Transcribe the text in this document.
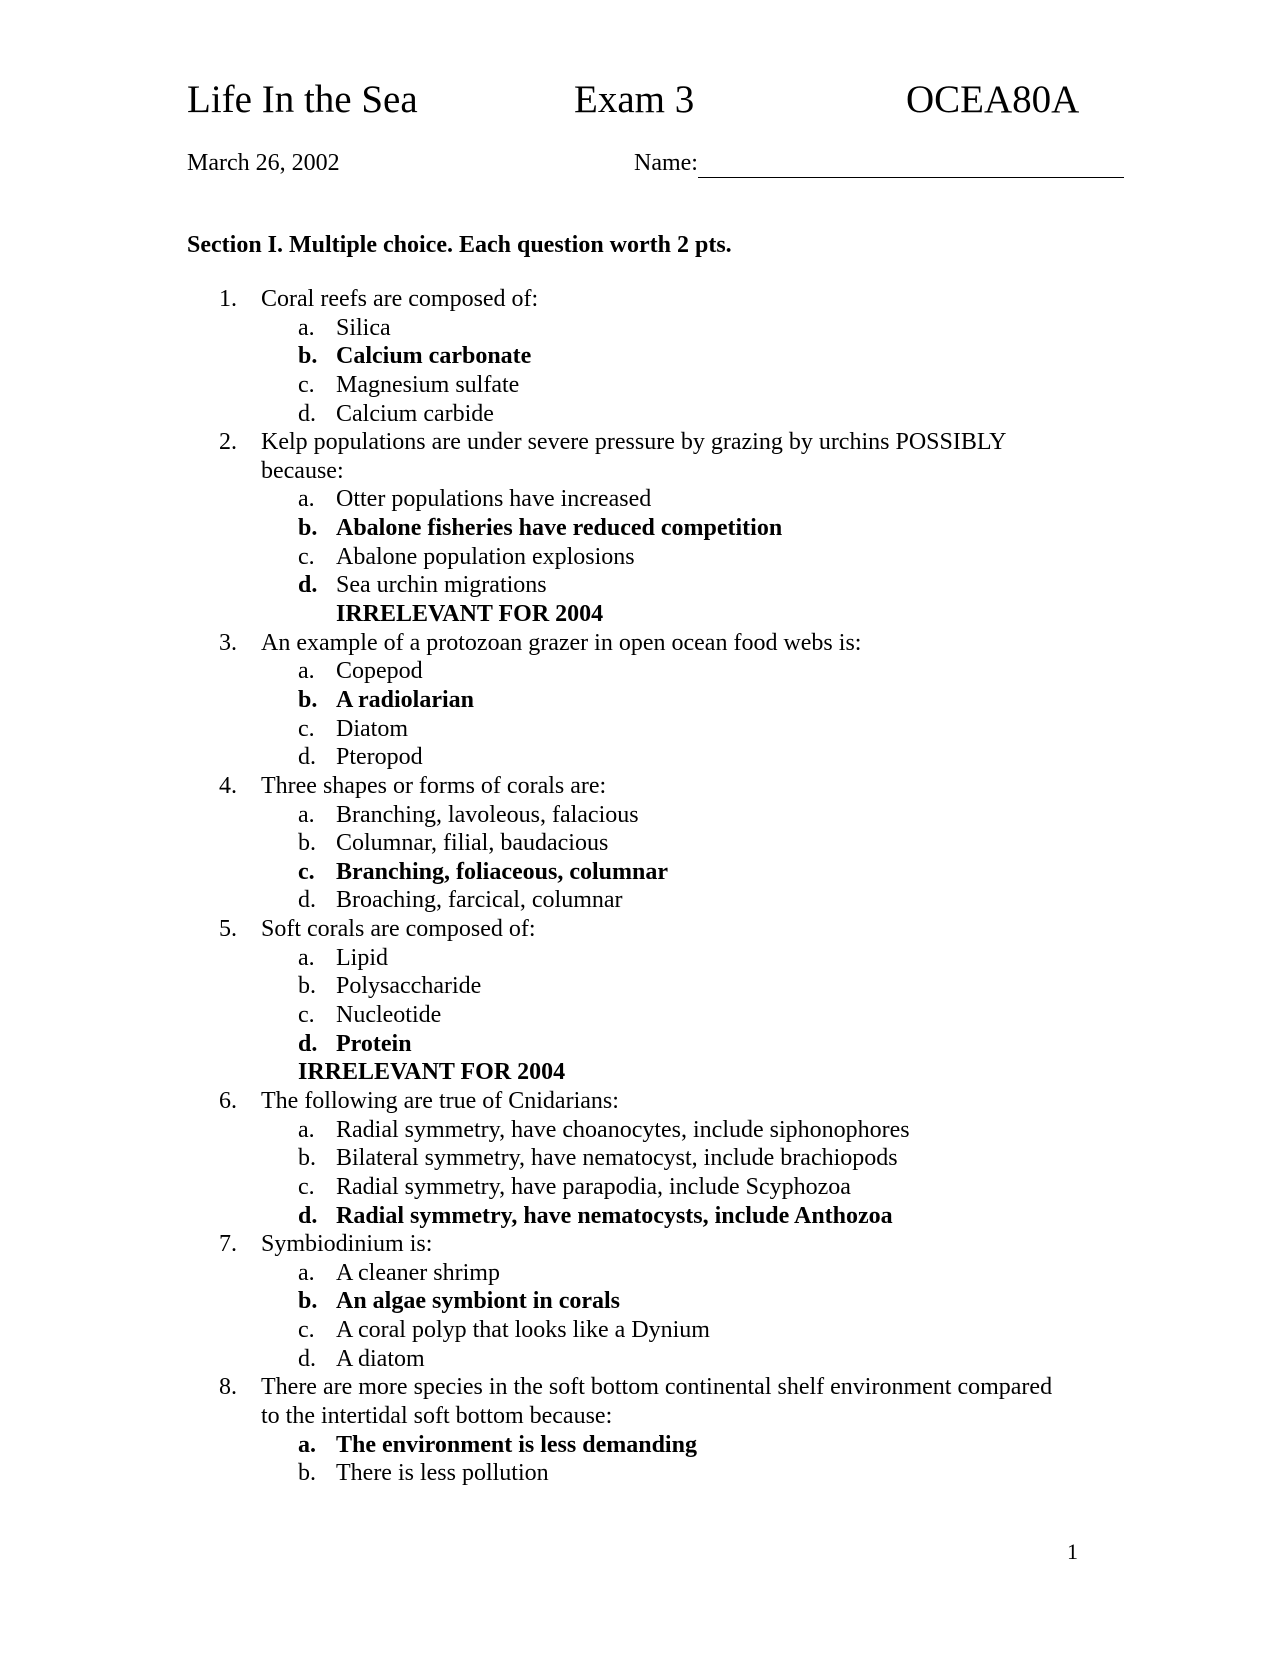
Life In the Sea	Exam 3	OCEA80A
March 26, 2002	Name:
Section I. Multiple choice. Each question worth 2 pts.
1.	Coral reefs are composed of:
a. Silica
b. Calcium carbonate
c. Magnesium sulfate
d. Calcium carbide
2.	Kelp populations are under severe pressure by grazing by urchins POSSIBLY
because:
a. Otter populations have increased
b. Abalone fisheries have reduced competition
c. Abalone population explosions
d. Sea urchin migrations
IRRELEVANT FOR 2004
3.	An example of a protozoan grazer in open ocean food webs is:
a. Copepod
b. A radiolarian
c. Diatom
d. Pteropod
4.	Three shapes or forms of corals are:
a. Branching, lavoleous, falacious
b. Columnar, filial, baudacious
c. Branching, foliaceous, columnar
d. Broaching, farcical, columnar
5.	Soft corals are composed of:
a. Lipid
b. Polysaccharide
c. Nucleotide
d. Protein
IRRELEVANT FOR 2004
6.	The following are true of Cnidarians:
a. Radial symmetry, have choanocytes, include siphonophores
b. Bilateral symmetry, have nematocyst, include brachiopods
c. Radial symmetry, have parapodia, include Scyphozoa
d. Radial symmetry, have nematocysts, include Anthozoa
7.	Symbiodinium is:
a. A cleaner shrimp
b. An algae symbiont in corals
c. A coral polyp that looks like a Dynium
d. A diatom
8.	There are more species in the soft bottom continental shelf environment compared
to the intertidal soft bottom because:
a. The environment is less demanding
b. There is less pollution
1
